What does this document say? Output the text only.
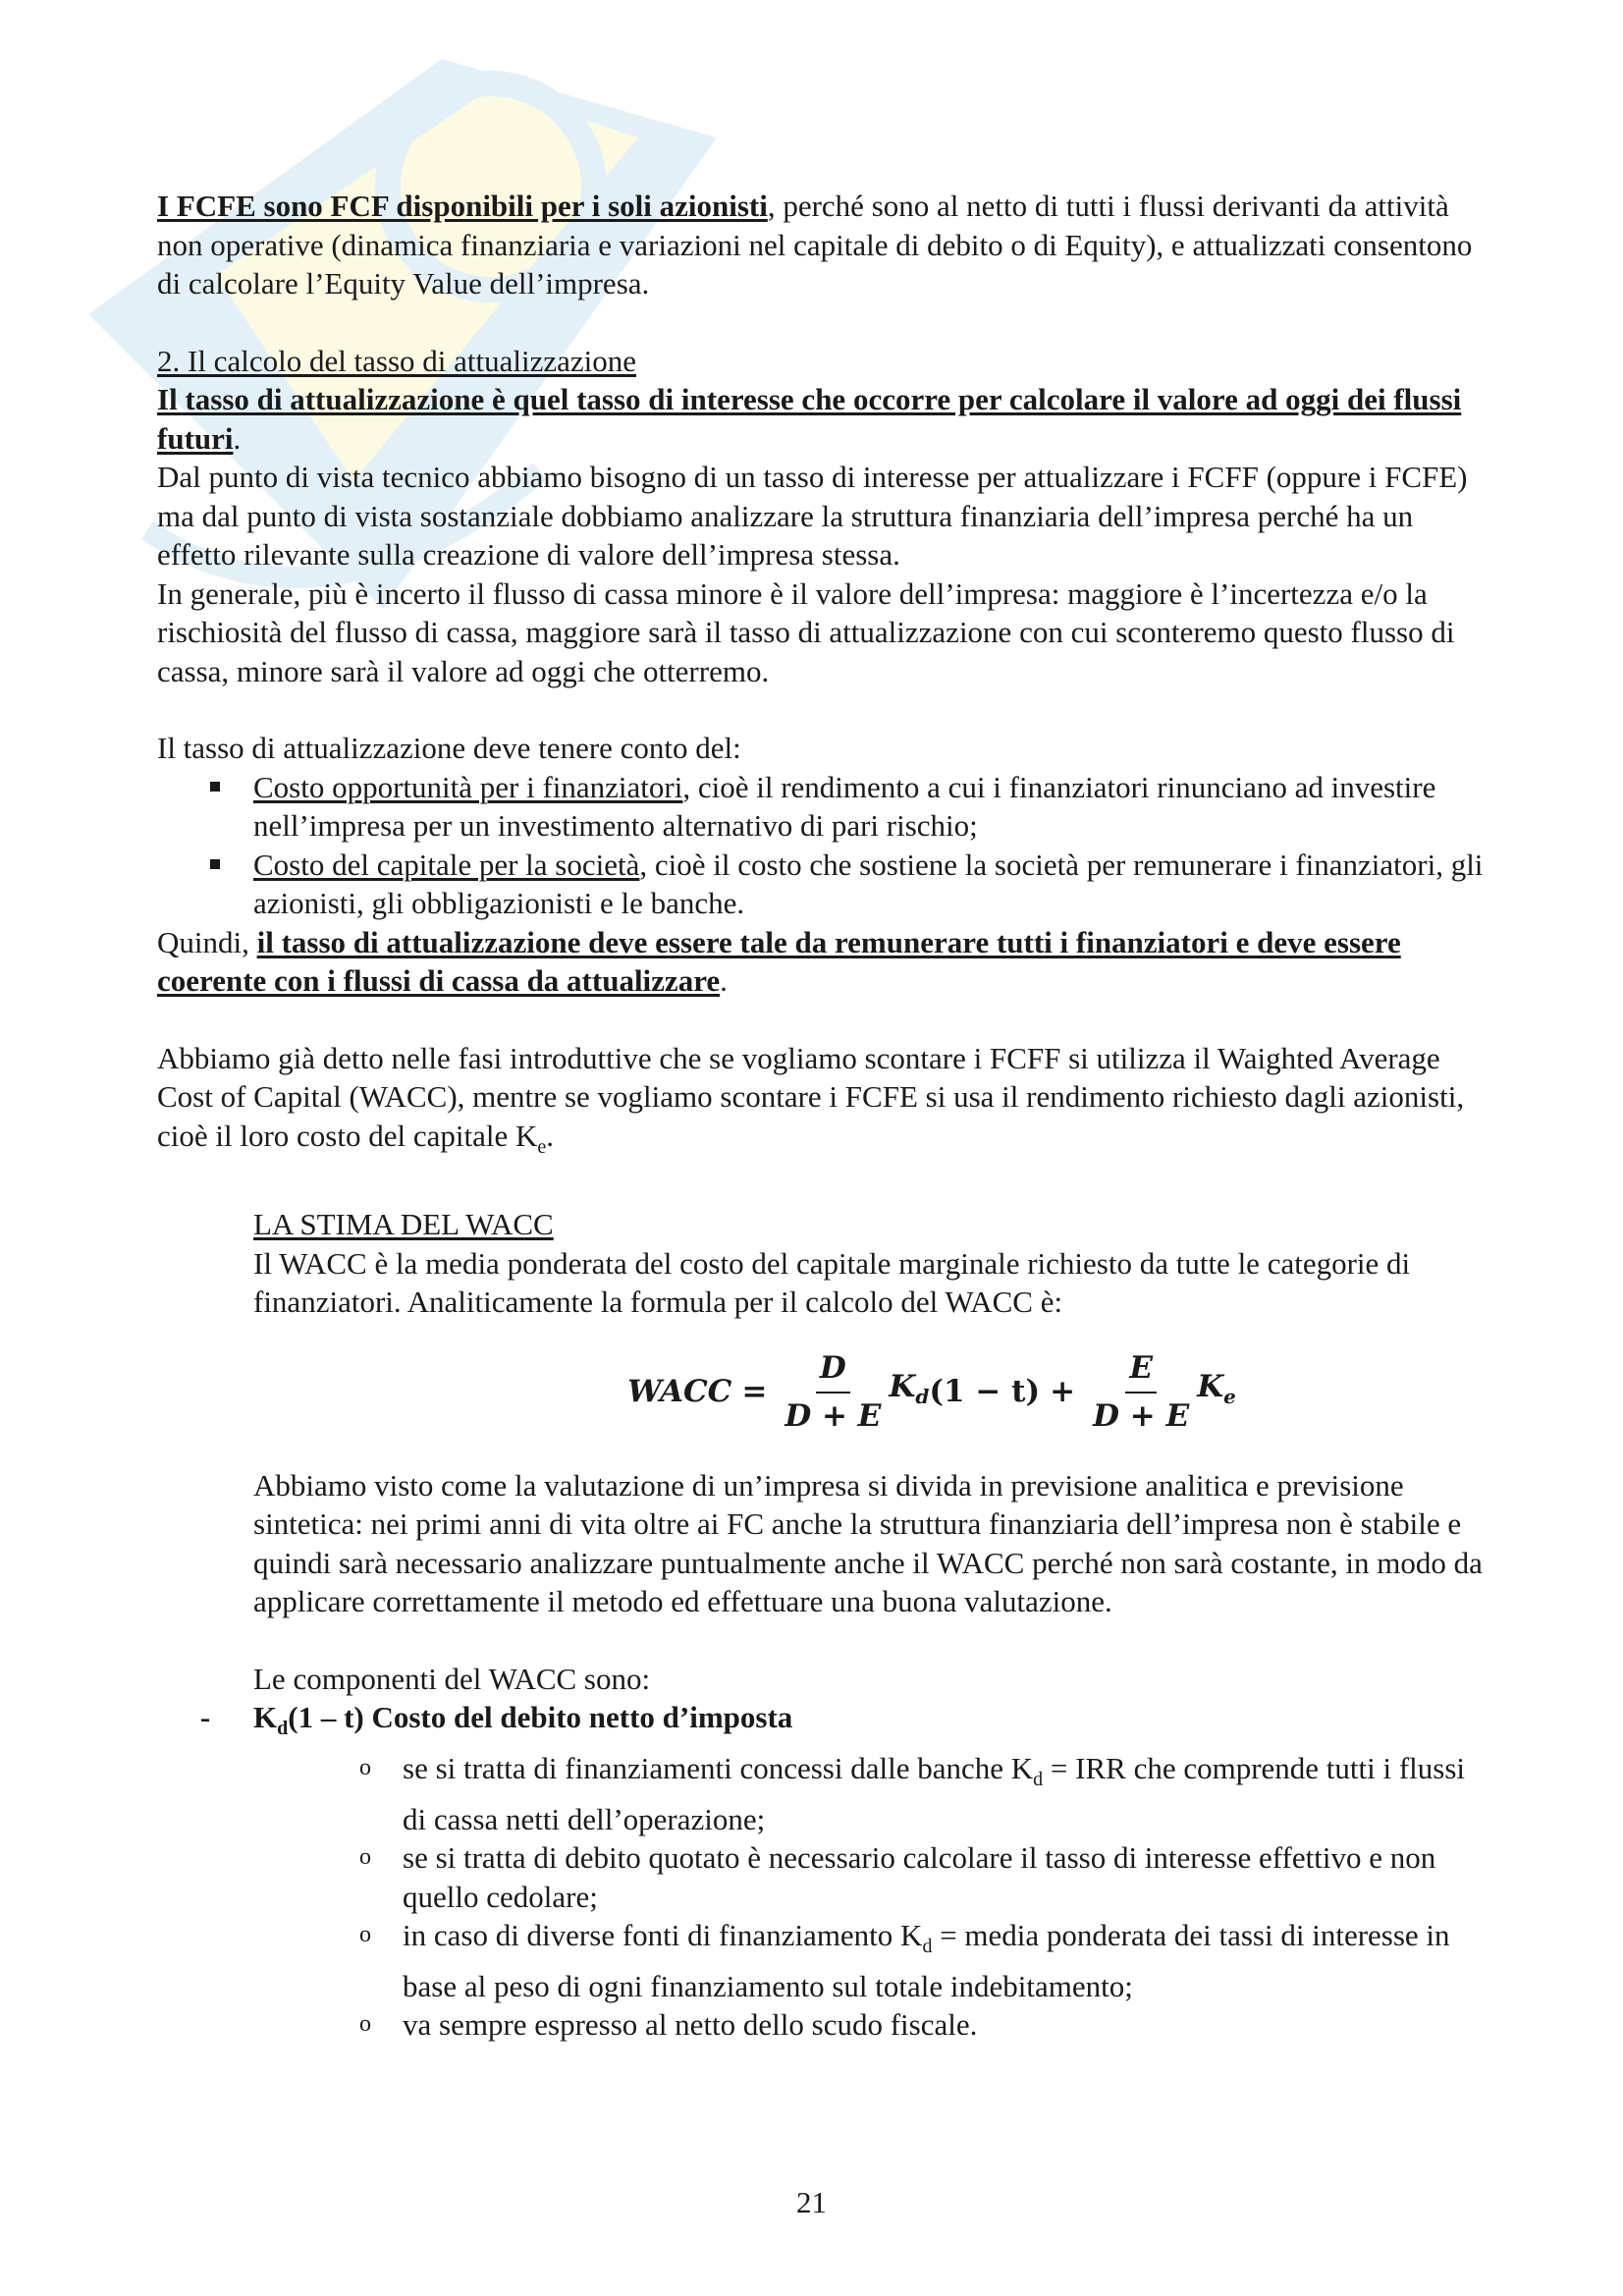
I FCFE sono FCF disponibili per i soli azionisti, perché sono al netto di tutti i flussi derivanti da attività non operative (dinamica finanziaria e variazioni nel capitale di debito o di Equity), e attualizzati consentono di calcolare l’Equity Value dell’impresa.

2. Il calcolo del tasso di attualizzazione

Il tasso di attualizzazione è quel tasso di interesse che occorre per calcolare il valore ad oggi dei flussi futuri.

Dal punto di vista tecnico abbiamo bisogno di un tasso di interesse per attualizzare i FCFF (oppure i FCFE) ma dal punto di vista sostanziale dobbiamo analizzare la struttura finanziaria dell’impresa perché ha un effetto rilevante sulla creazione di valore dell’impresa stessa.

In generale, più è incerto il flusso di cassa minore è il valore dell’impresa: maggiore è l’incertezza e/o la rischiosità del flusso di cassa, maggiore sarà il tasso di attualizzazione con cui sconteremo questo flusso di cassa, minore sarà il valore ad oggi che otterremo.

Il tasso di attualizzazione deve tenere conto del:

Costo opportunità per i finanziatori, cioè il rendimento a cui i finanziatori rinunciano ad investire nell’impresa per un investimento alternativo di pari rischio;
Costo del capitale per la società, cioè il costo che sostiene la società per remunerare i finanziatori, gli azionisti, gli obbligazionisti e le banche.

Quindi, il tasso di attualizzazione deve essere tale da remunerare tutti i finanziatori e deve essere coerente con i flussi di cassa da attualizzare.

Abbiamo già detto nelle fasi introduttive che se vogliamo scontare i FCFF si utilizza il Waighted Average Cost of Capital (WACC), mentre se vogliamo scontare i FCFE si usa il rendimento richiesto dagli azionisti, cioè il loro costo del capitale $K_e$.

LA STIMA DEL WACC

Il WACC è la media ponderata del costo del capitale marginale richiesto da tutte le categorie di finanziatori. Analiticamente la formula per il calcolo del WACC è:

WACC = $\frac{D}{D + E} K_d$ $(1 - t) + \frac{E}{D + E} K_e$

Abbiamo visto come la valutazione di un’impresa si divida in previsione analitica e previsione sintetica: nei primi anni di vita oltre ai FC anche la struttura finanziaria dell’impresa non è stabile e quindi sarà necessario analizzare puntualmente anche il WACC perché non sarà costante, in modo da applicare correttamente il metodo ed effettuare una buona valutazione.

Le componenti del WACC sono:

-	$K_d(1 - t)$ Costo del debito netto d’imposta

o se si tratta di finanziamenti concessi dalle banche $K_d$ = IRR che comprende tutti i flussi di cassa netti dell’operazione;
o se si tratta di debito quotato è necessario calcolare il tasso di interesse effettivo e non quello cedolare;
o in caso di diverse fonti di finanziamento $K_d$ = media ponderata dei tassi di interesse in base al peso di ogni finanziamento sul totale indebitamento;
o va sempre espresso al netto dello scudo fiscale.
21
